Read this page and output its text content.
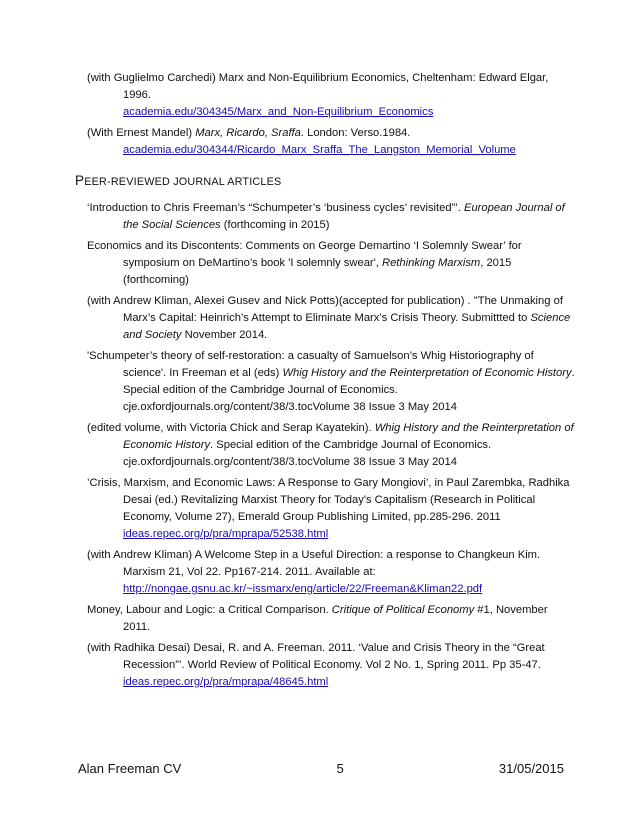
(with Guglielmo Carchedi) Marx and Non-Equilibrium Economics, Cheltenham: Edward Elgar, 1996.
academia.edu/304345/Marx_and_Non-Equilibrium_Economics

(With Ernest Mandel) Marx, Ricardo, Sraffa. London: Verso.1984.
academia.edu/304344/Ricardo_Marx_Sraffa_The_Langston_Memorial_Volume

PEER-REVIEWED JOURNAL ARTICLES

‘Introduction to Chris Freeman’s “Schumpeter’s ‘business cycles’ revisited”’. European Journal of the Social Sciences (forthcoming in 2015)

Economics and its Discontents: Comments on George Demartino ‘I Solemnly Swear’ for symposium on DeMartino’s book 'I solemnly swear', Rethinking Marxism, 2015 (forthcoming)

(with Andrew Kliman, Alexei Gusev and Nick Potts)(accepted for publication) . "The Unmaking of Marx’s Capital: Heinrich’s Attempt to Eliminate Marx’s Crisis Theory. Submittted to Science and Society November 2014.

'Schumpeter’s theory of self-restoration: a casualty of Samuelson’s Whig Historiography of science'. In Freeman et al (eds) Whig History and the Reinterpretation of Economic History. Special edition of the Cambridge Journal of Economics. cje.oxfordjournals.org/content/38/3.tocVolume 38 Issue 3 May 2014

(edited volume, with Victoria Chick and Serap Kayatekin). Whig History and the Reinterpretation of Economic History. Special edition of the Cambridge Journal of Economics. cje.oxfordjournals.org/content/38/3.tocVolume 38 Issue 3 May 2014

’Crisis, Marxism, and Economic Laws: A Response to Gary Mongiovi’, in Paul Zarembka, Radhika Desai (ed.) Revitalizing Marxist Theory for Today's Capitalism (Research in Political Economy, Volume 27), Emerald Group Publishing Limited, pp.285-296. 2011
ideas.repec.org/p/pra/mprapa/52538.html

(with Andrew Kliman) A Welcome Step in a Useful Direction: a response to Changkeun Kim. Marxism 21, Vol 22. Pp167-214. 2011. Available at:
http://nongae.gsnu.ac.kr/~issmarx/eng/article/22/Freeman&Kliman22.pdf

Money, Labour and Logic: a Critical Comparison. Critique of Political Economy #1, November 2011.

(with Radhika Desai) Desai, R. and A. Freeman. 2011. ‘Value and Crisis Theory in the “Great Recession”’. World Review of Political Economy. Vol 2 No. 1, Spring 2011. Pp 35-47.
ideas.repec.org/p/pra/mprapa/48645.html

Alan Freeman CV	5	31/05/2015
